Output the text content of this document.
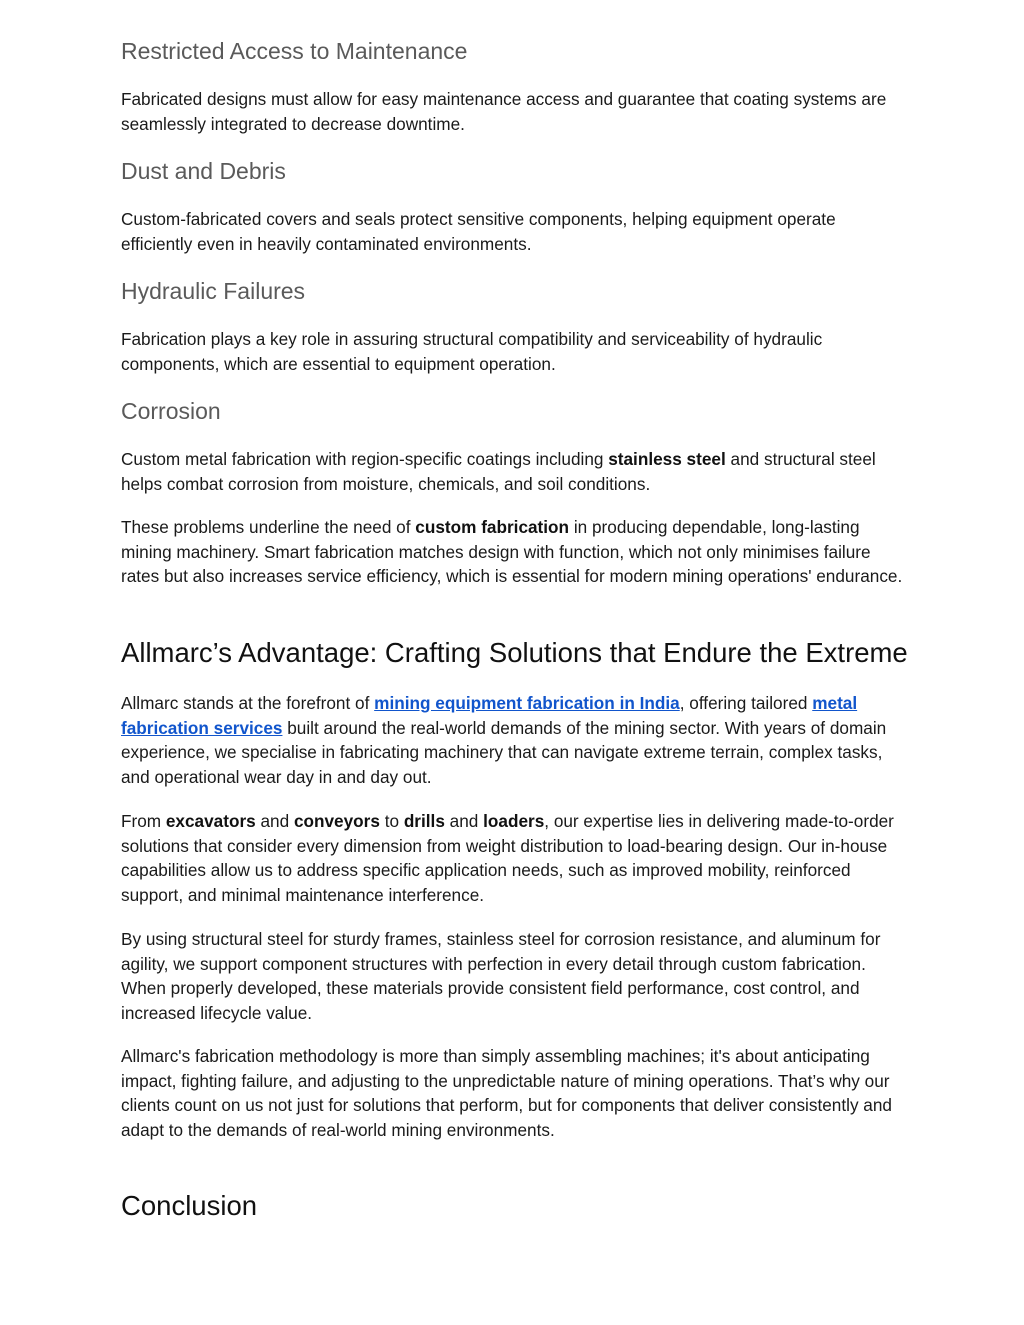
Restricted Access to Maintenance

Fabricated designs must allow for easy maintenance access and guarantee that coating systems are seamlessly integrated to decrease downtime.

Dust and Debris

Custom-fabricated covers and seals protect sensitive components, helping equipment operate efficiently even in heavily contaminated environments.

Hydraulic Failures

Fabrication plays a key role in assuring structural compatibility and serviceability of hydraulic components, which are essential to equipment operation.

Corrosion

Custom metal fabrication with region-specific coatings including stainless steel and structural steel helps combat corrosion from moisture, chemicals, and soil conditions.

These problems underline the need of custom fabrication in producing dependable, long-lasting mining machinery. Smart fabrication matches design with function, which not only minimises failure rates but also increases service efficiency, which is essential for modern mining operations' endurance.

Allmarc’s Advantage: Crafting Solutions that Endure the Extreme

Allmarc stands at the forefront of mining equipment fabrication in India, offering tailored metal fabrication services built around the real-world demands of the mining sector. With years of domain experience, we specialise in fabricating machinery that can navigate extreme terrain, complex tasks, and operational wear day in and day out.

From excavators and conveyors to drills and loaders, our expertise lies in delivering made-to-order solutions that consider every dimension from weight distribution to load-bearing design. Our in-house capabilities allow us to address specific application needs, such as improved mobility, reinforced support, and minimal maintenance interference.

By using structural steel for sturdy frames, stainless steel for corrosion resistance, and aluminum for agility, we support component structures with perfection in every detail through custom fabrication. When properly developed, these materials provide consistent field performance, cost control, and increased lifecycle value.

Allmarc's fabrication methodology is more than simply assembling machines; it's about anticipating impact, fighting failure, and adjusting to the unpredictable nature of mining operations. That’s why our clients count on us not just for solutions that perform, but for components that deliver consistently and adapt to the demands of real-world mining environments.

Conclusion
